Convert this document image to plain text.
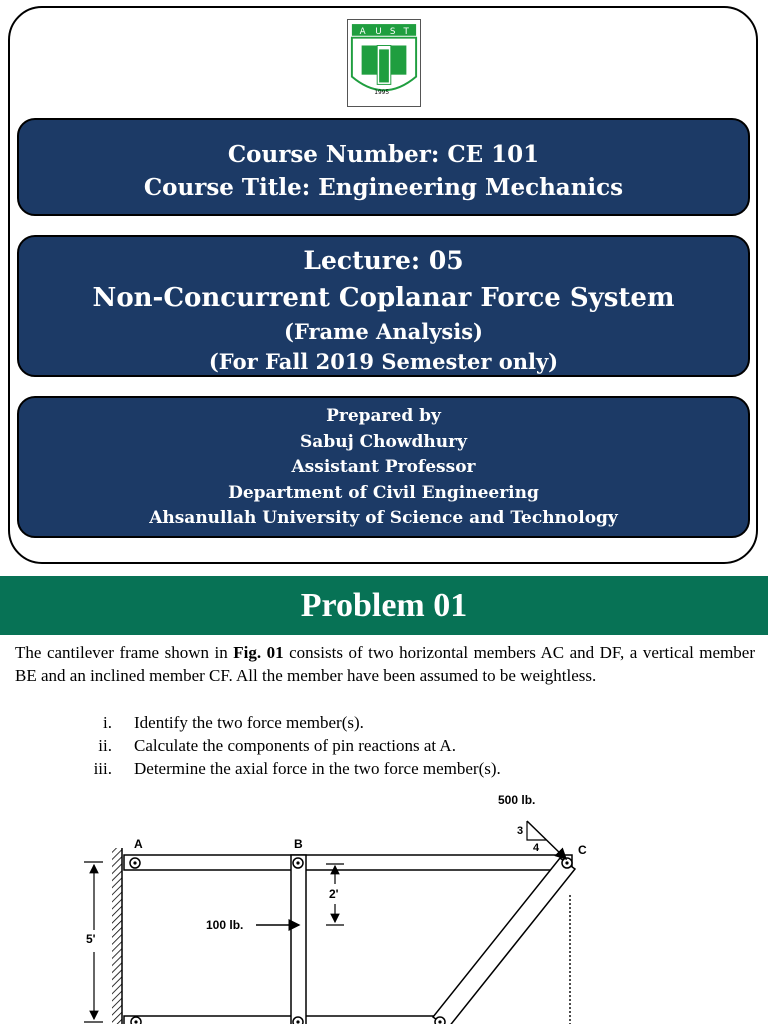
A U S T
1995
Course Number: CE 101
Course Title: Engineering Mechanics
Lecture: 05
Non-Concurrent Coplanar Force System
(Frame Analysis)
(For Fall 2019 Semester only)
Prepared by
Sabuj Chowdhury
Assistant Professor
Department of Civil Engineering
Ahsanullah University of Science and Technology
Problem 01
The cantilever frame shown in Fig. 01 consists of two horizontal members AC and DF, a vertical member BE and an inclined member CF. All the member have been assumed to be weightless.
i. Identify the two force member(s).
ii. Calculate the components of pin reactions at A.
iii. Determine the axial force in the two force member(s).
A	B	C
500 lb.
3
4
100 lb.
2'
5'
